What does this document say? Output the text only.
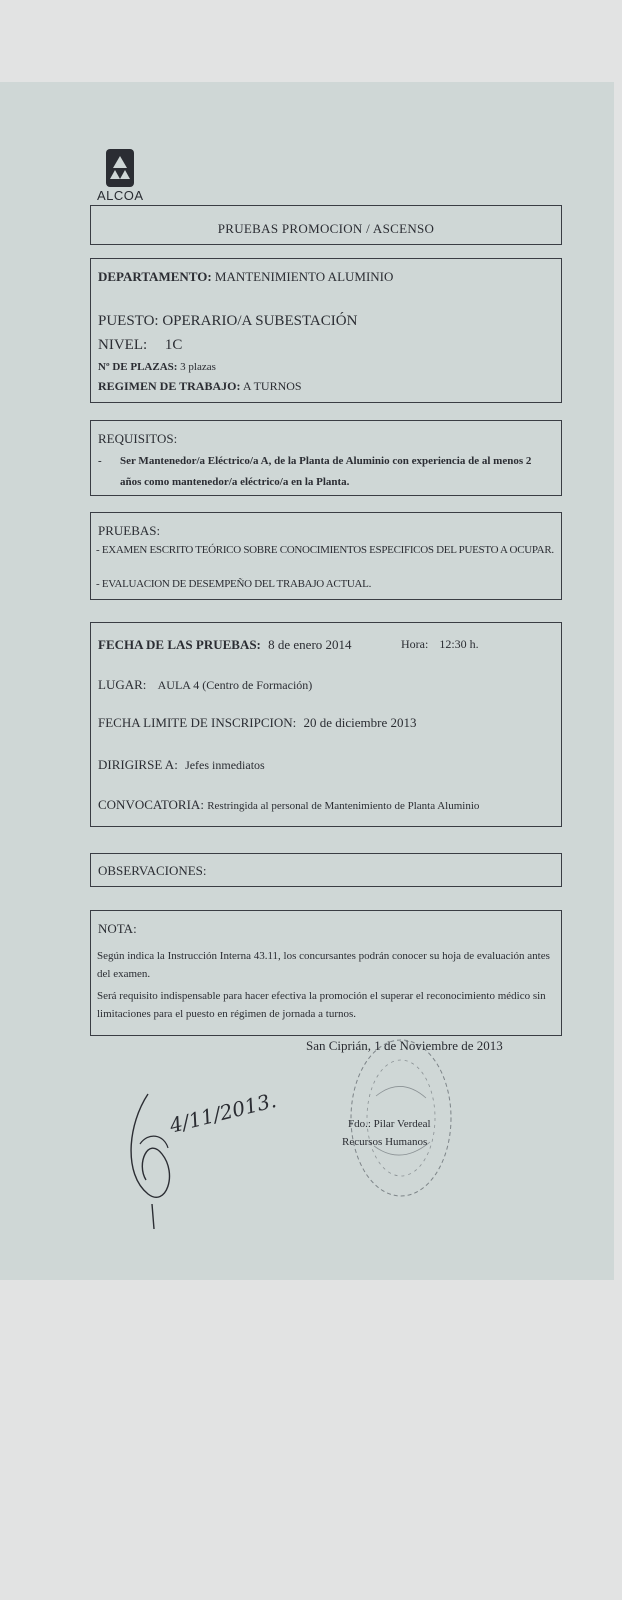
ALCOA
$_{PRUEBAS PROMOCION / ASCENSO}$
DEPARTAMENTO: MANTENIMIENTO ALUMINIO
PUESTO: OPERARIO/A SUBESTACIÓN
NIVEL: 1C
Nº DE PLAZAS: 3 plazas
REGIMEN DE TRABAJO: A TURNOS
REQUISITOS:
- Ser Mantenedor/a Eléctrico/a A, de la Planta de Aluminio con experiencia de al menos 2 años como mantenedor/a eléctrico/a en la Planta.
PRUEBAS:
- EXAMEN ESCRITO TEÓRICO SOBRE CONOCIMIENTOS ESPECIFICOS DEL PUESTO A OCUPAR.
- EVALUACION DE DESEMPEÑO DEL TRABAJO ACTUAL.
FECHA DE LAS PRUEBAS: 8 de enero 2014	Hora: 12:30 h.
LUGAR: AULA 4 (Centro de Formación)
FECHA LIMITE DE INSCRIPCION: 20 de diciembre 2013
DIRIGIRSE A: Jefes inmediatos
CONVOCATORIA: Restringida al personal de Mantenimiento de Planta Aluminio
OBSERVACIONES:
NOTA:
Según indica la Instrucción Interna 43.11, los concursantes podrán conocer su hoja de evaluación antes del examen.
Será requisito indispensable para hacer efectiva la promoción el superar el reconocimiento médico sin limitaciones para el puesto en régimen de jornada a turnos.
San Ciprián, 1 de Noviembre de 2013
Fdo.: Pilar Verdeal
Recursos Humanos
4/11/2013.
